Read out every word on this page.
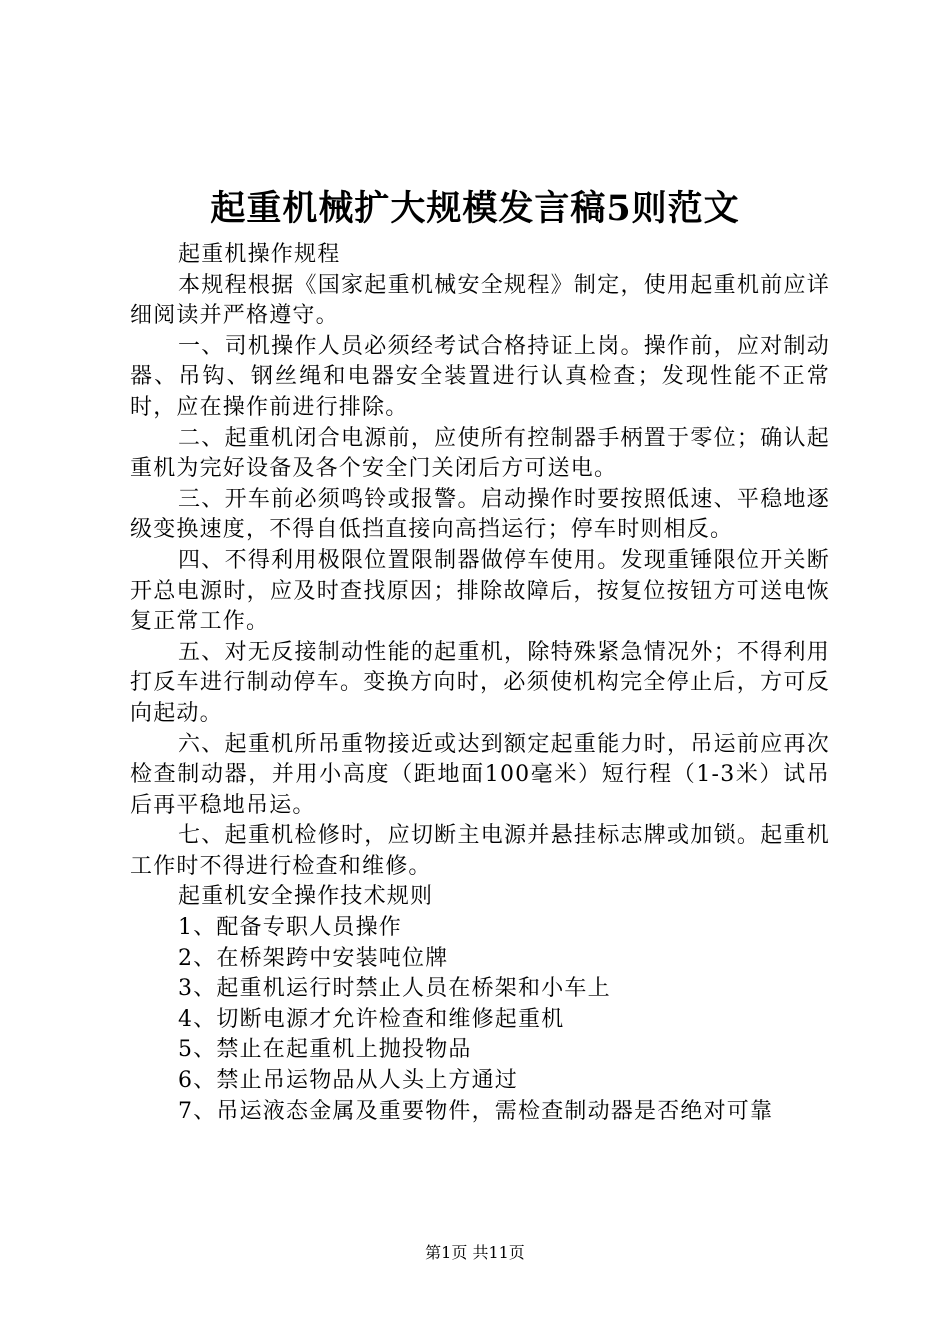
起重机械扩大规模发言稿5则范文

起重机操作规程

本规程根据《国家起重机械安全规程》制定，使用起重机前应详细阅读并严格遵守。

一、司机操作人员必须经考试合格持证上岗。操作前，应对制动器、吊钩、钢丝绳和电器安全装置进行认真检查；发现性能不正常时，应在操作前进行排除。

二、起重机闭合电源前，应使所有控制器手柄置于零位；确认起重机为完好设备及各个安全门关闭后方可送电。

三、开车前必须鸣铃或报警。启动操作时要按照低速、平稳地逐级变换速度，不得自低挡直接向高挡运行；停车时则相反。

四、不得利用极限位置限制器做停车使用。发现重锤限位开关断开总电源时，应及时查找原因；排除故障后，按复位按钮方可送电恢复正常工作。

五、对无反接制动性能的起重机，除特殊紧急情况外；不得利用打反车进行制动停车。变换方向时，必须使机构完全停止后，方可反向起动。

六、起重机所吊重物接近或达到额定起重能力时，吊运前应再次检查制动器，并用小高度（距地面100毫米）短行程（1-3米）试吊后再平稳地吊运。

七、起重机检修时，应切断主电源并悬挂标志牌或加锁。起重机工作时不得进行检查和维修。

起重机安全操作技术规则

1、配备专职人员操作

2、在桥架跨中安装吨位牌

3、起重机运行时禁止人员在桥架和小车上

4、切断电源才允许检查和维修起重机

5、禁止在起重机上抛投物品

6、禁止吊运物品从人头上方通过

7、吊运液态金属及重要物件，需检查制动器是否绝对可靠

第1页 共11页
